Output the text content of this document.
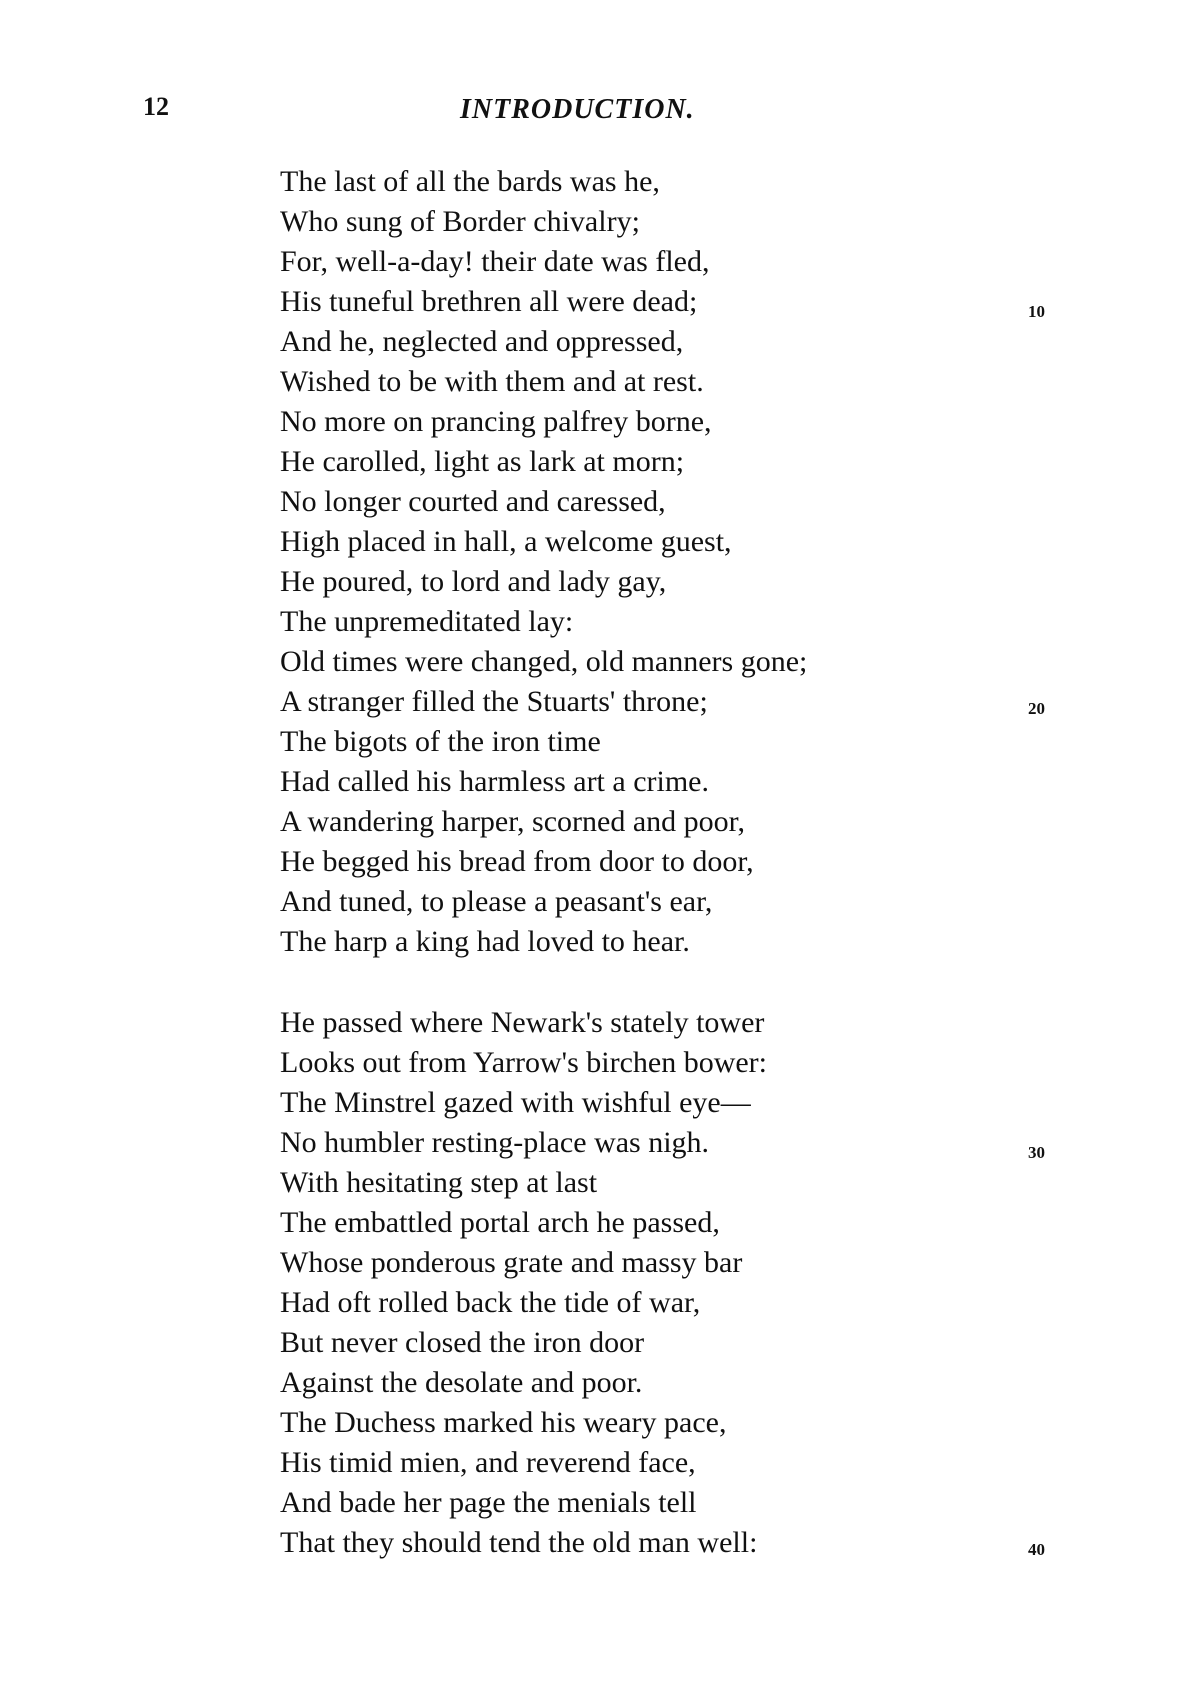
12	INTRODUCTION.
The last of all the bards was he,
Who sung of Border chivalry;
For, well-a-day! their date was fled,
His tuneful brethren all were dead;
And he, neglected and oppressed,
Wished to be with them and at rest.
No more on prancing palfrey borne,
He carolled, light as lark at morn;
No longer courted and caressed,
High placed in hall, a welcome guest,
He poured, to lord and lady gay,
The unpremeditated lay:
Old times were changed, old manners gone;
A stranger filled the Stuarts' throne;
The bigots of the iron time
Had called his harmless art a crime.
A wandering harper, scorned and poor,
He begged his bread from door to door,
And tuned, to please a peasant's ear,
The harp a king had loved to hear.
He passed where Newark's stately tower
Looks out from Yarrow's birchen bower:
The Minstrel gazed with wishful eye—
No humbler resting-place was nigh.
With hesitating step at last
The embattled portal arch he passed,
Whose ponderous grate and massy bar
Had oft rolled back the tide of war,
But never closed the iron door
Against the desolate and poor.
The Duchess marked his weary pace,
His timid mien, and reverend face,
And bade her page the menials tell
That they should tend the old man well:
10
20
30
40
